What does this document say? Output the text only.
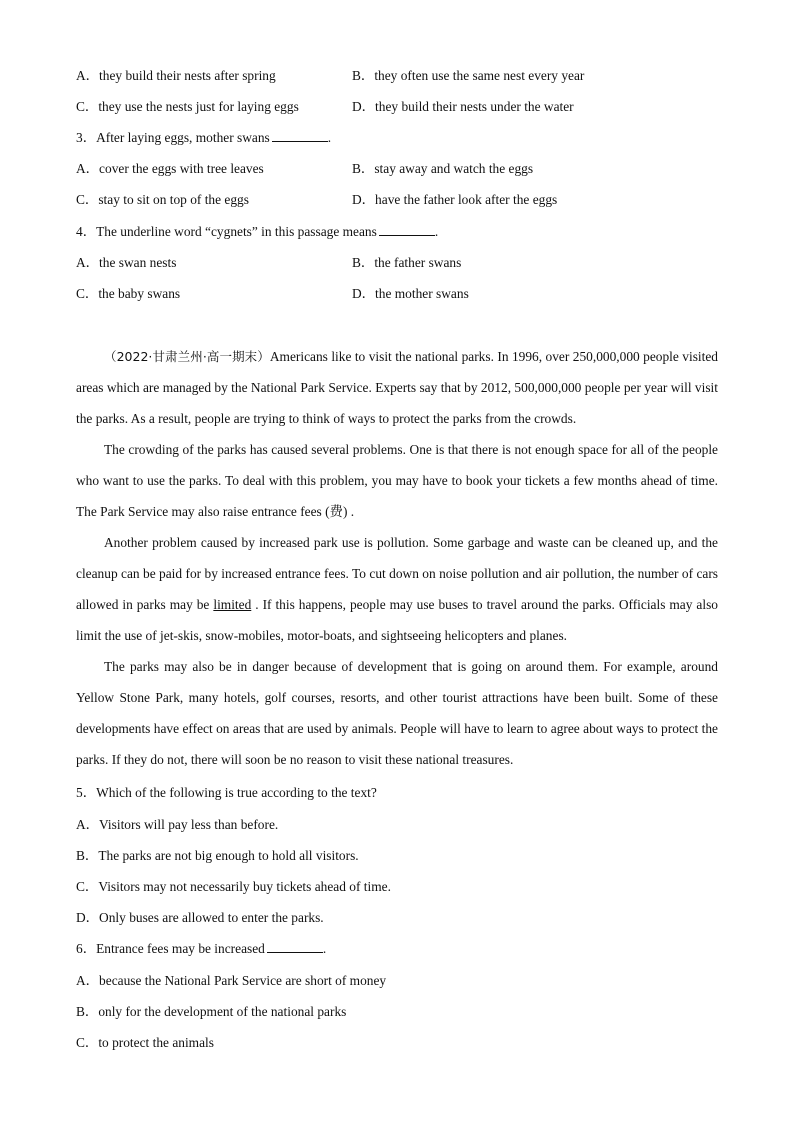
A．they build their nests after spring	B．they often use the same nest every year
C．they use the nests just for laying eggs	D．they build their nests under the water
3．After laying eggs, mother swans	.
A．cover the eggs with tree leaves	B．stay away and watch the eggs
C．stay to sit on top of the eggs	D．have the father look after the eggs
4．The underline word “cygnets” in this passage means	.
A．the swan nests	B．the father swans
C．the baby swans	D．the mother swans

（2022·甘肃兰州·高一期末）Americans like to visit the national parks. In 1996, over 250,000,000 people visited areas which are managed by the National Park Service. Experts say that by 2012, 500,000,000 people per year will visit the parks. As a result, people are trying to think of ways to protect the parks from the crowds.

The crowding of the parks has caused several problems. One is that there is not enough space for all of the people who want to use the parks. To deal with this problem, you may have to book your tickets a few months ahead of time. The Park Service may also raise entrance fees (费) .

Another problem caused by increased park use is pollution. Some garbage and waste can be cleaned up, and the cleanup can be paid for by increased entrance fees. To cut down on noise pollution and air pollution, the number of cars allowed in parks may be limited . If this happens, people may use buses to travel around the parks. Officials may also limit the use of jet-skis, snow-mobiles, motor-boats, and sightseeing helicopters and planes.

The parks may also be in danger because of development that is going on around them. For example, around Yellow Stone Park, many hotels, golf courses, resorts, and other tourist attractions have been built. Some of these developments have effect on areas that are used by animals. People will have to learn to agree about ways to protect the parks. If they do not, there will soon be no reason to visit these national treasures.

5．Which of the following is true according to the text?
A．Visitors will pay less than before.
B．The parks are not big enough to hold all visitors.
C．Visitors may not necessarily buy tickets ahead of time.
D．Only buses are allowed to enter the parks.
6．Entrance fees may be increased	.
A．because the National Park Service are short of money
B．only for the development of the national parks
C．to protect the animals
